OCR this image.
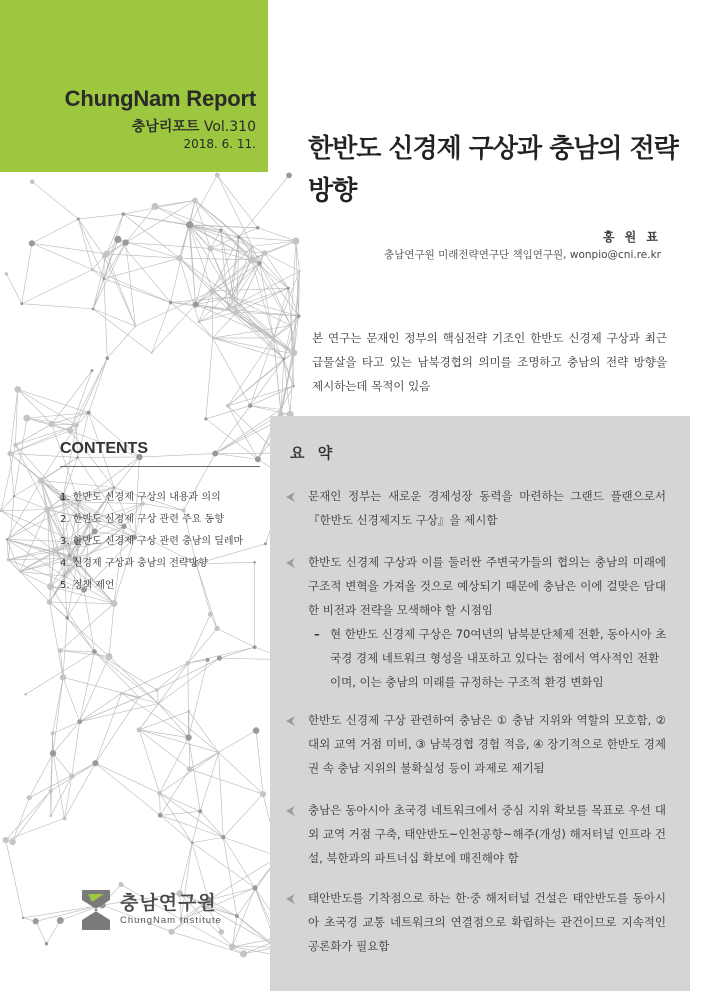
ChungNam Report
충남리포트 Vol.310
2018. 6. 11. 한반도 신경제 구상과 충남의 전략 방향
홍 원 표
충남연구원 미래전략연구단 책임연구원, wonpio@cni.re.kr
본 연구는 문재인 정부의 핵심전략 기조인 한반도 신경제 구상과 최근 급물살을 타고 있는 남북경협의 의미를 조명하고 충남의 전략 방향을 제시하는데 목적이 있음
CONTENTS
1. 한반도 신경제 구상의 내용과 의의
2. 한반도 신경제 구상 관련 주요 동향
3. 한반도 신경제 구상 관련 충남의 딜레마
4. 신경제 구상과 충남의 전략방향
5. 정책 제언
요 약
문재인 정부는 새로운 경제성장 동력을 마련하는 그랜드 플랜으로서 『한반도 신경제지도 구상』을 제시함
한반도 신경제 구상과 이를 둘러싼 주변국가들의 협의는 충남의 미래에 구조적 변혁을 가져올 것으로 예상되기 때문에 충남은 이에 걸맞은 담대한 비전과 전략을 모색해야 할 시점임
– 현 한반도 신경제 구상은 70여년의 남북분단체제 전환, 동아시아 초국경 경제 네트워크 형성을 내포하고 있다는 점에서 역사적인 전환이며, 이는 충남의 미래를 규정하는 구조적 환경 변화임
한반도 신경제 구상 관련하여 충남은 ① 충남 지위와 역할의 모호함, ② 대외 교역 거점 미비, ③ 남북경협 경험 적음, ④ 장기적으로 한반도 경제권 속 충남 지위의 불확실성 등이 과제로 제기됨
충남은 동아시아 초국경 네트워크에서 중심 지위 확보를 목표로 우선 대외 교역 거점 구축, 태안반도~인천공항~해주(개성) 해저터널 인프라 건설, 북한과의 파트너십 확보에 매진해야 함
태안반도를 기착점으로 하는 한·중 해저터널 건설은 태안반도를 동아시아 초국경 교통 네트워크의 연결점으로 확립하는 관건이므로 지속적인 공론화가 필요함
충남연구원
ChungNam Institute
